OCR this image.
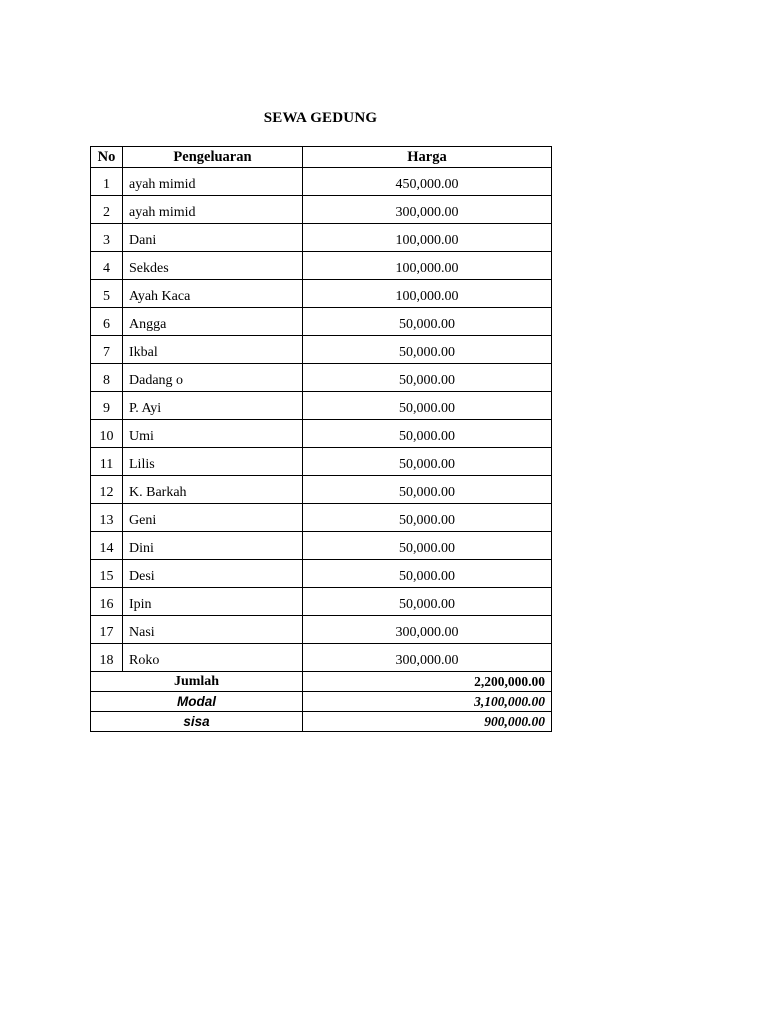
SEWA GEDUNG
No	Pengeluaran	Harga
1	ayah mimid	450,000.00
2	ayah mimid	300,000.00
3	Dani	100,000.00
4	Sekdes	100,000.00
5	Ayah Kaca	100,000.00
6	Angga	50,000.00
7	Ikbal	50,000.00
8	Dadang o	50,000.00
9	P. Ayi	50,000.00
10	Umi	50,000.00
11	Lilis	50,000.00
12	K. Barkah	50,000.00
13	Geni	50,000.00
14	Dini	50,000.00
15	Desi	50,000.00
16	Ipin	50,000.00
17	Nasi	300,000.00
18	Roko	300,000.00
Jumlah		2,200,000.00
Modal		3,100,000.00
sisa		900,000.00
